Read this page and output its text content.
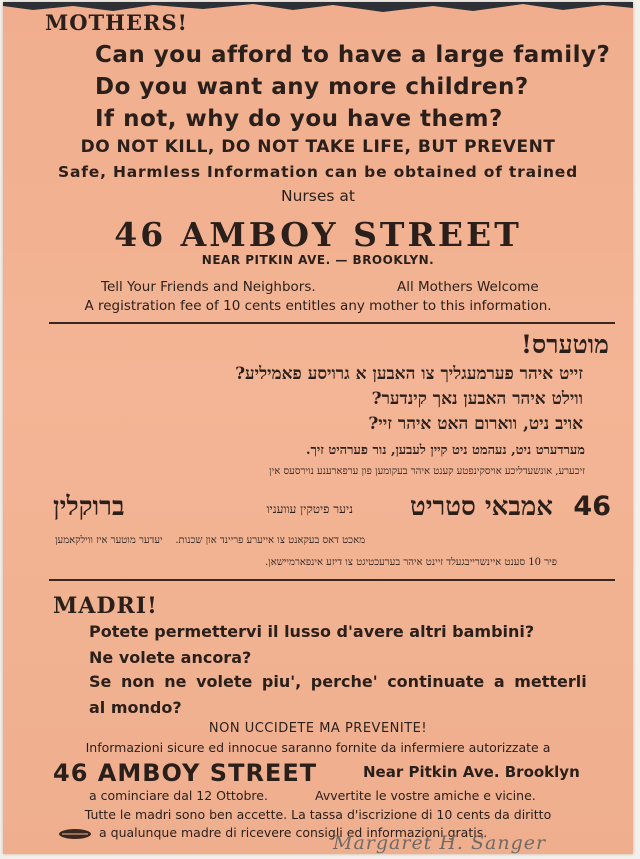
MOTHERS!
Can you afford to have a large family?
Do you want any more children?
If not, why do you have them?
DO NOT KILL, DO NOT TAKE LIFE, BUT PREVENT
Safe, Harmless Information can be obtained of trained
Nurses at
46 AMBOY STREET
NEAR PITKIN AVE. — BROOKLYN.
Tell Your Friends and Neighbors.	All Mothers Welcome
A registration fee of 10 cents entitles any mother to this information.
מוטערס!
זייט איהר פערמעגליך צו האבען א גרויסע פאמיליע?
ווילט איהר האבען נאך קינדער?
אויב ניט, ווארום האט איהר זיי?
מערדערט ניט, נעהמט ניט קיין לעבען, נור פערהיט זיך.
זיכערע, אונשעדליכע אויסקינפטע קענט איהר בעקומען פון ערפארענע נוירסעס אין
46
אמבאי סטריט
ניער פיטקין עוועניו
ברוקלין
מאכט דאס בעקאנט צו אייערע פריינד און שכנות.
יעדער מוטער איז ווילקאמען
פיר 10 סענט איינשרייבגעלד זיינט איהר בערעכטיגט צו דיזע אינפארמיישאן.
MADRI!
Potete permettervi il lusso d'avere altri bambini?
Ne volete ancora?
Se non ne volete piu', perche' continuate a metterli
al mondo?
NON UCCIDETE MA PREVENITE!
Informazioni sicure ed innocue saranno fornite da infermiere autorizzate a
46 AMBOY STREET	Near Pitkin Ave. Brooklyn
a cominciare dal 12 Ottobre.	Avvertite le vostre amiche e vicine.
Tutte le madri sono ben accette. La tassa d'iscrizione di 10 cents da diritto
a qualunque madre di ricevere consigli ed informazioni gratis.
Margaret H. Sanger
